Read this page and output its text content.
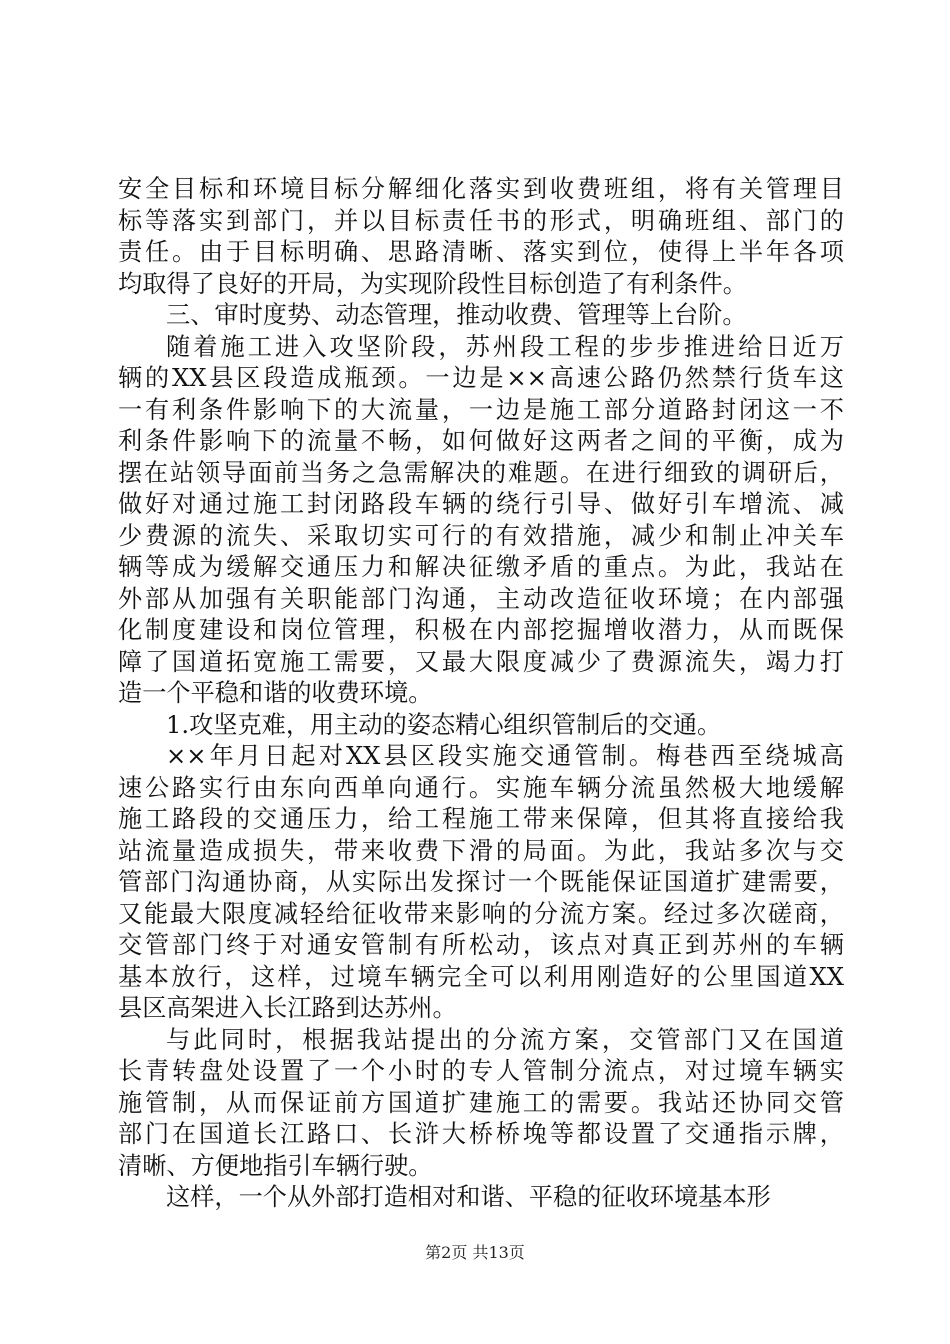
安全目标和环境目标分解细化落实到收费班组，将有关管理目
标等落实到部门，并以目标责任书的形式，明确班组、部门的
责任。由于目标明确、思路清晰、落实到位，使得上半年各项
均取得了良好的开局，为实现阶段性目标创造了有利条件。
三、审时度势、动态管理，推动收费、管理等上台阶。
随着施工进入攻坚阶段，苏州段工程的步步推进给日近万
辆的XX县区段造成瓶颈。一边是××高速公路仍然禁行货车这
一有利条件影响下的大流量，一边是施工部分道路封闭这一不
利条件影响下的流量不畅，如何做好这两者之间的平衡，成为
摆在站领导面前当务之急需解决的难题。在进行细致的调研后，
做好对通过施工封闭路段车辆的绕行引导、做好引车增流、减
少费源的流失、采取切实可行的有效措施，减少和制止冲关车
辆等成为缓解交通压力和解决征缴矛盾的重点。为此，我站在
外部从加强有关职能部门沟通，主动改造征收环境；在内部强
化制度建设和岗位管理，积极在内部挖掘增收潜力，从而既保
障了国道拓宽施工需要，又最大限度减少了费源流失，竭力打
造一个平稳和谐的收费环境。
1.攻坚克难，用主动的姿态精心组织管制后的交通。
××年月日起对XX县区段实施交通管制。梅巷西至绕城高
速公路实行由东向西单向通行。实施车辆分流虽然极大地缓解
施工路段的交通压力，给工程施工带来保障，但其将直接给我
站流量造成损失，带来收费下滑的局面。为此，我站多次与交
管部门沟通协商，从实际出发探讨一个既能保证国道扩建需要，
又能最大限度减轻给征收带来影响的分流方案。经过多次磋商，
交管部门终于对通安管制有所松动，该点对真正到苏州的车辆
基本放行，这样，过境车辆完全可以利用刚造好的公里国道XX
县区高架进入长江路到达苏州。
与此同时，根据我站提出的分流方案，交管部门又在国道
长青转盘处设置了一个小时的专人管制分流点，对过境车辆实
施管制，从而保证前方国道扩建施工的需要。我站还协同交管
部门在国道长江路口、长浒大桥桥堍等都设置了交通指示牌，
清晰、方便地指引车辆行驶。
这样，一个从外部打造相对和谐、平稳的征收环境基本形
第2页 共13页
